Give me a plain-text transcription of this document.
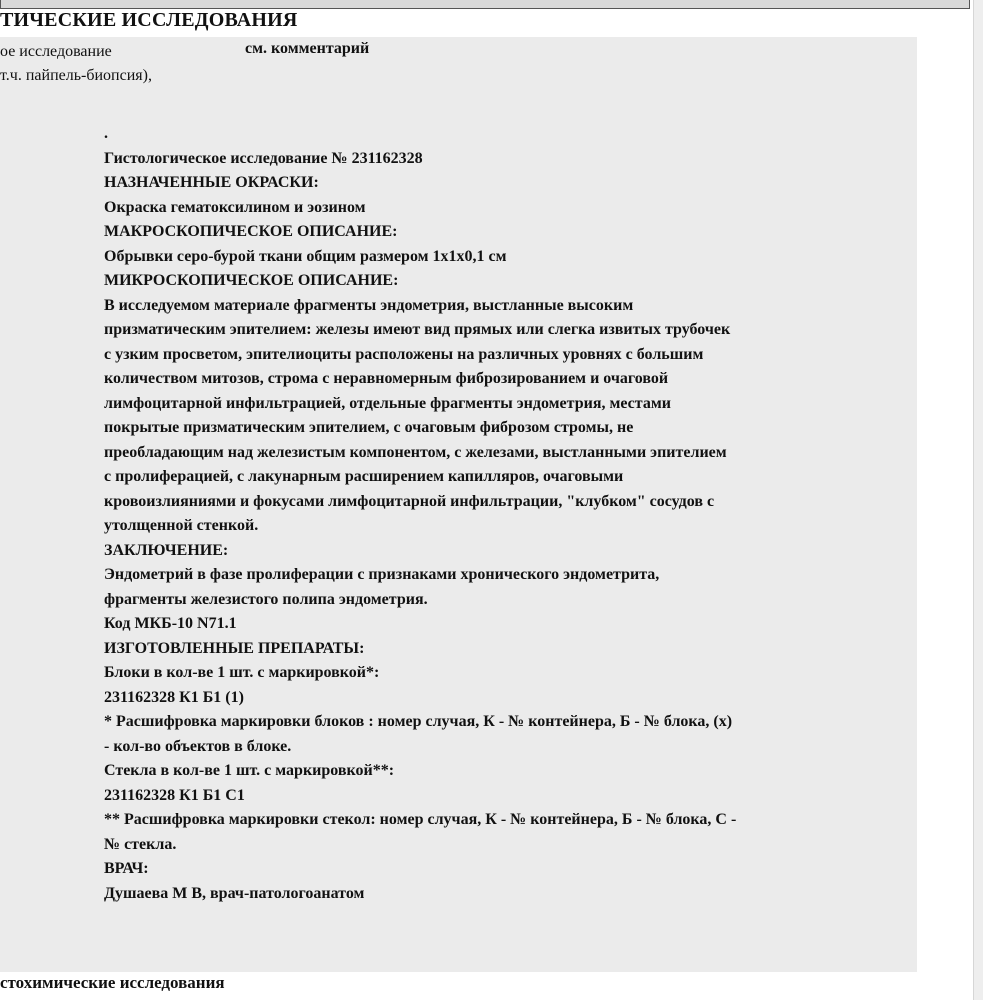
ТИЧЕСКИЕ ИССЛЕДОВАНИЯ
ое исследование
т.ч. пайпель-биопсия),
см. комментарий

.

Гистологическое исследование № 231162328

НАЗНАЧЕННЫЕ ОКРАСКИ:

Окраска гематоксилином и эозином

МАКРОСКОПИЧЕСКОЕ ОПИСАНИЕ:

Обрывки серо-бурой ткани общим размером 1х1х0,1 см

МИКРОСКОПИЧЕСКОЕ ОПИСАНИЕ:

В исследуемом материале фрагменты эндометрия, выстланные высоким

призматическим эпителием: железы имеют вид прямых или слегка извитых трубочек

с узким просветом, эпителиоциты расположены на различных уровнях с большим

количеством митозов, строма с неравномерным фиброзированием и очаговой

лимфоцитарной инфильтрацией, отдельные фрагменты эндометрия, местами

покрытые призматическим эпителием, с очаговым фиброзом стромы, не

преобладающим над железистым компонентом, с железами, выстланными эпителием

с пролиферацией, с лакунарным расширением капилляров, очаговыми

кровоизлияниями и фокусами лимфоцитарной инфильтрации, "клубком" сосудов с

утолщенной стенкой.

ЗАКЛЮЧЕНИЕ:

Эндометрий в фазе пролиферации с признаками хронического эндометрита,

фрагменты железистого полипа эндометрия.

Код МКБ-10 N71.1

ИЗГОТОВЛЕННЫЕ ПРЕПАРАТЫ:

Блоки в кол-ве 1 шт. с маркировкой*:

231162328 К1 Б1 (1)

* Расшифровка маркировки блоков : номер случая, К - № контейнера, Б - № блока, (х)

- кол-во объектов в блоке.

Стекла в кол-ве 1 шт. с маркировкой**:

231162328 К1 Б1 С1

** Расшифровка маркировки стекол: номер случая, К - № контейнера, Б - № блока, С -

№ стекла.

ВРАЧ:

Душаева М В, врач-патологоанатом

стохимические исследования
